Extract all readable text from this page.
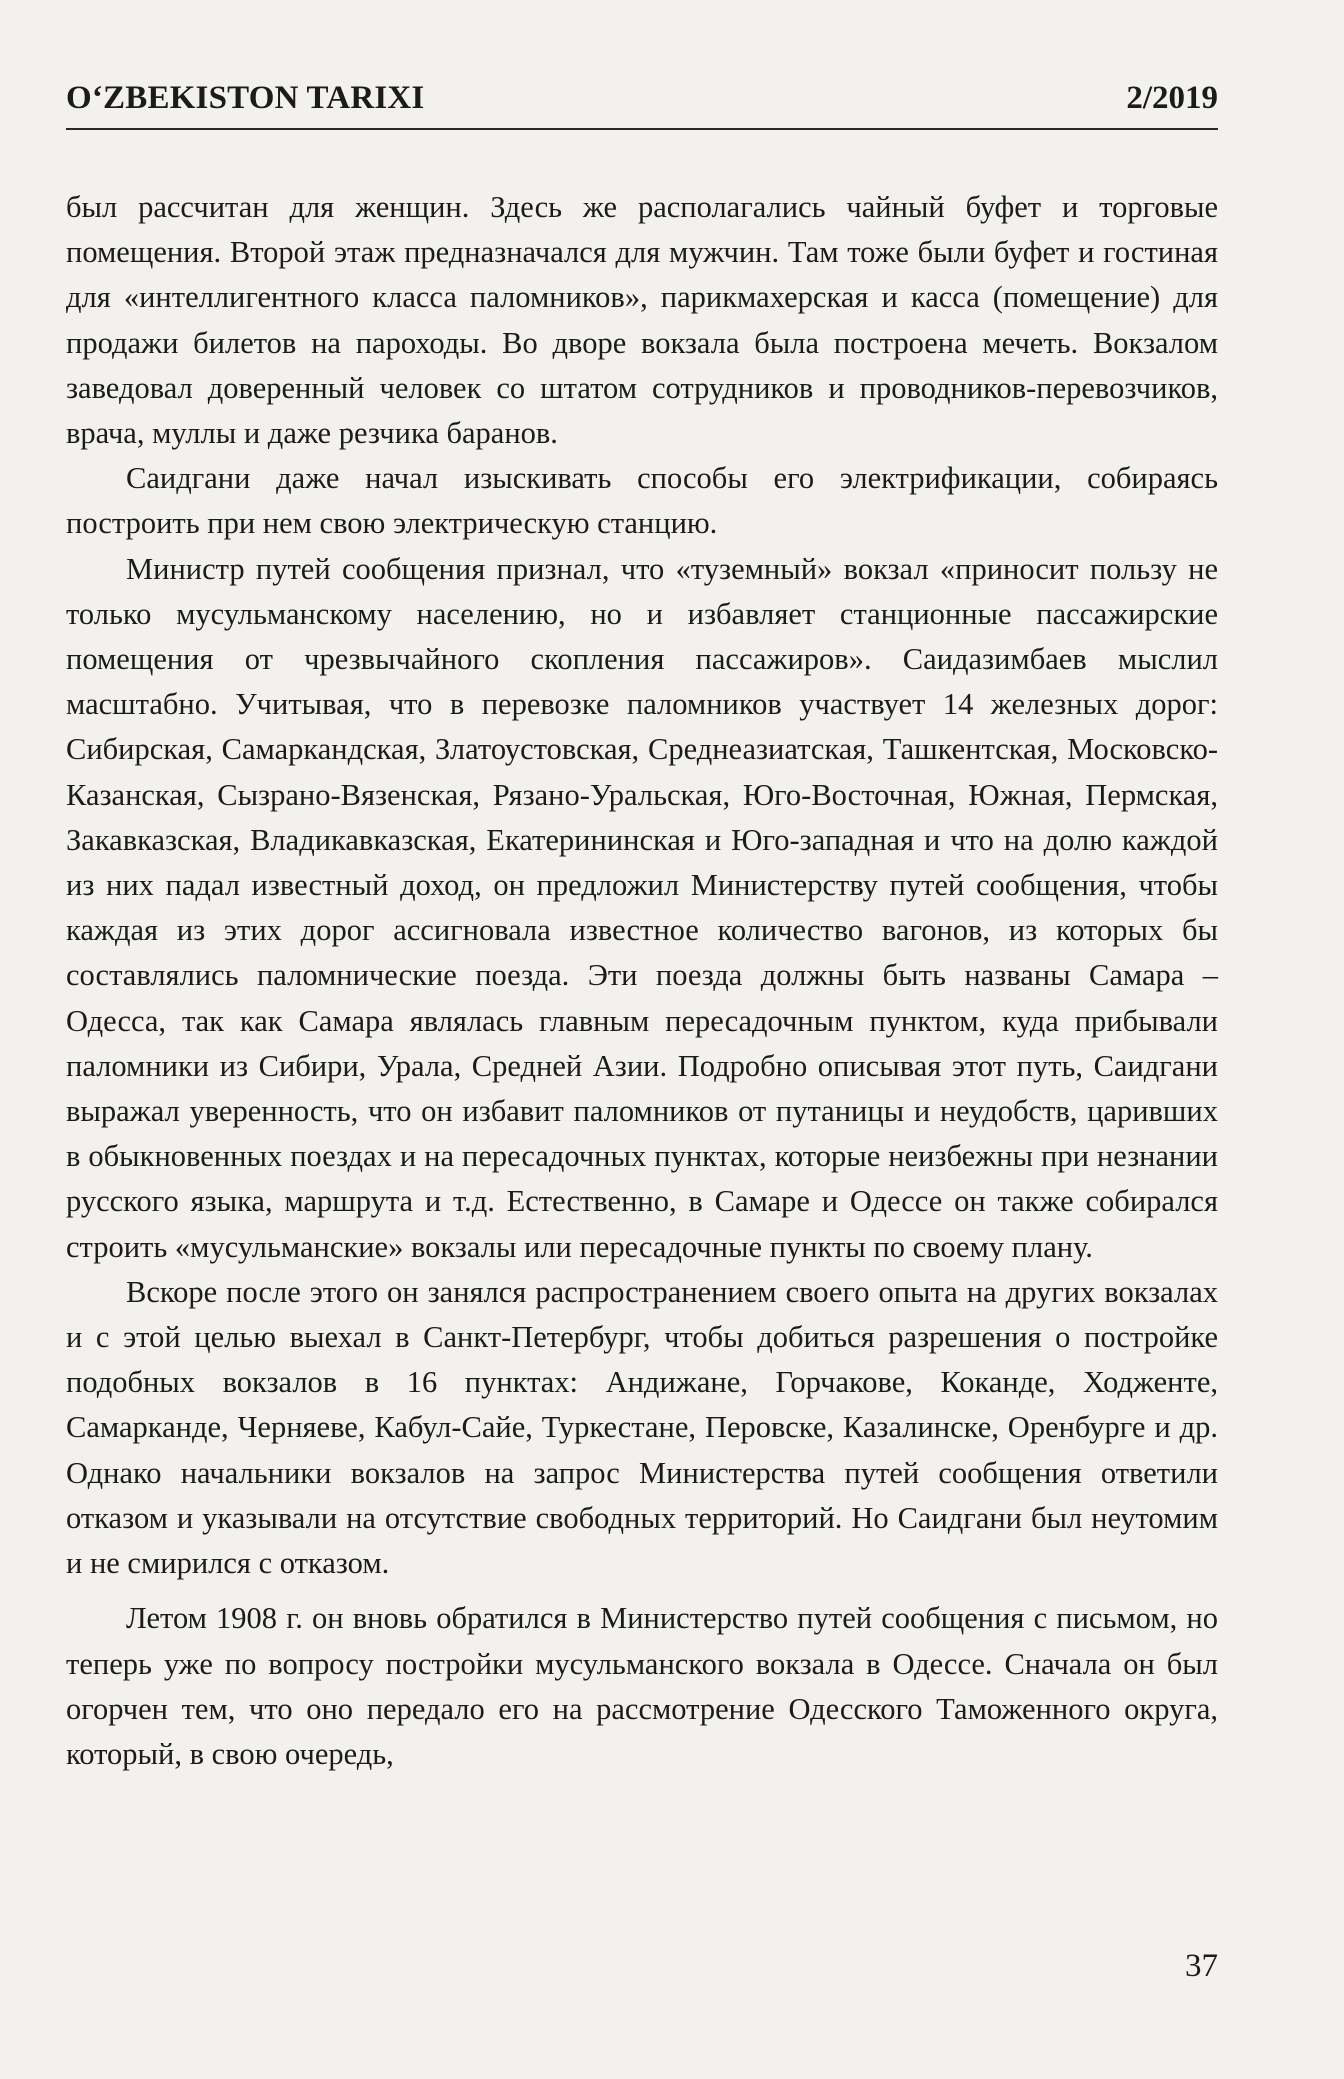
O‘ZBEKISTON TARIXI	2/2019

был рассчитан для женщин. Здесь же располагались чайный буфет и торговые помещения. Второй этаж предназначался для мужчин. Там тоже были буфет и гостиная для «интеллигентного класса паломников», парикмахерская и касса (помещение) для продажи билетов на пароходы. Во дворе вокзала была построена мечеть. Вокзалом заведовал доверенный человек со штатом сотрудников и проводников-перевозчиков, врача, муллы и даже резчика баранов.

Саидгани даже начал изыскивать способы его электрификации, собираясь построить при нем свою электрическую станцию.

Министр путей сообщения признал, что «туземный» вокзал «приносит пользу не только мусульманскому населению, но и избавляет станционные пассажирские помещения от чрезвычайного скопления пассажиров». Саидазимбаев мыслил масштабно. Учитывая, что в перевозке паломников участвует 14 железных дорог: Сибирская, Самаркандская, Златоустовская, Среднеазиатская, Ташкентская, Московско-Казанская, Сызрано-Вязенская, Рязано-Уральская, Юго-Восточная, Южная, Пермская, Закавказская, Владикавказская, Екатерининская и Юго-западная и что на долю каждой из них падал известный доход, он предложил Министерству путей сообщения, чтобы каждая из этих дорог ассигновала известное количество вагонов, из которых бы составлялись паломнические поезда. Эти поезда должны быть названы Самара – Одесса, так как Самара являлась главным пересадочным пунктом, куда прибывали паломники из Сибири, Урала, Средней Азии. Подробно описывая этот путь, Саидгани выражал уверенность, что он избавит паломников от путаницы и неудобств, царивших в обыкновенных поездах и на пересадочных пунктах, которые неизбежны при незнании русского языка, маршрута и т.д. Естественно, в Самаре и Одессе он также собирался строить «мусульманские» вокзалы или пересадочные пункты по своему плану.

Вскоре после этого он занялся распространением своего опыта на других вокзалах и с этой целью выехал в Санкт-Петербург, чтобы добиться разрешения о постройке подобных вокзалов в 16 пунктах: Андижане, Горчакове, Коканде, Ходженте, Самарканде, Черняеве, Кабул-Сайе, Туркестане, Перовске, Казалинске, Оренбурге и др. Однако начальники вокзалов на запрос Министерства путей сообщения ответили отказом и указывали на отсутствие свободных территорий. Но Саидгани был неутомим и не смирился с отказом.

Летом 1908 г. он вновь обратился в Министерство путей сообщения с письмом, но теперь уже по вопросу постройки мусульманского вокзала в Одессе. Сначала он был огорчен тем, что оно передало его на рассмотрение Одесского Таможенного округа, который, в свою очередь,

37
